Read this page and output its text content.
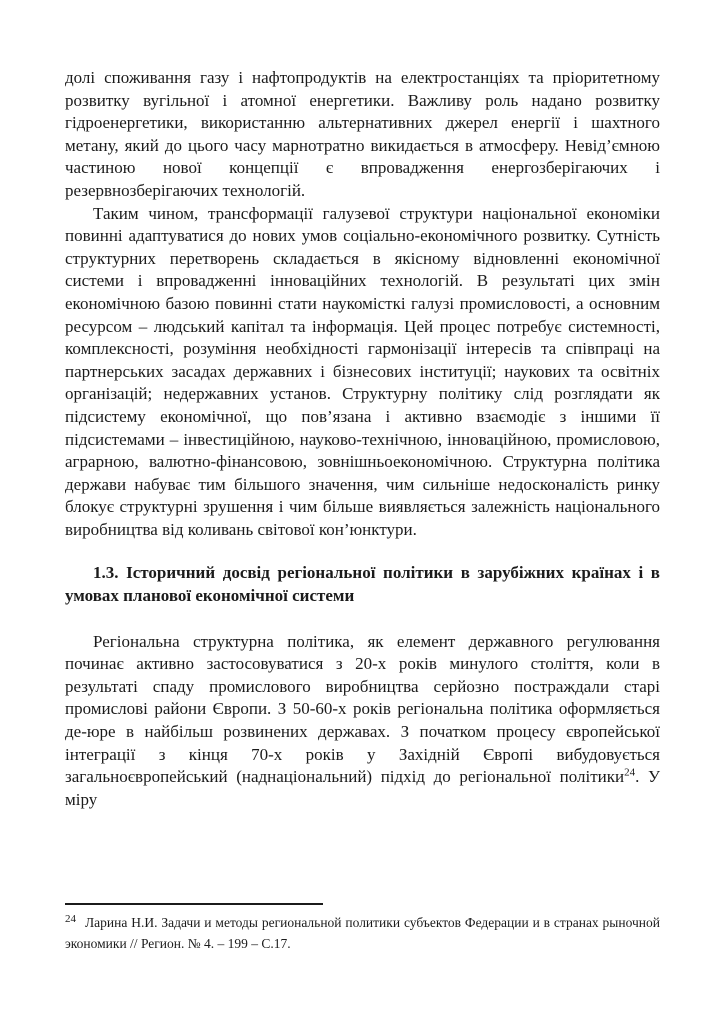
долі споживання газу і нафтопродуктів на електростанціях та пріоритетному розвитку вугільної і атомної енергетики. Важливу роль надано розвитку гідроенергетики, використанню альтернативних джерел енергії і шахтного метану, який до цього часу марнотратно викидається в атмосферу. Невід’ємною частиною нової концепції є впровадження енергозберігаючих і резервнозберігаючих технологій.

Таким чином, трансформації галузевої структури національної економіки повинні адаптуватися до нових умов соціально-економічного розвитку. Сутність структурних перетворень складається в якісному відновленні економічної системи і впровадженні інноваційних технологій. В результаті цих змін економічною базою повинні стати наукомісткі галузі промисловості, а основним ресурсом – людський капітал та інформація. Цей процес потребує системності, комплексності, розуміння необхідності гармонізації інтересів та співпраці на партнерських засадах державних і бізнесових інституції; наукових та освітніх організацій; недержавних установ. Структурну політику слід розглядати як підсистему економічної, що пов’язана і активно взаємодіє з іншими її підсистемами – інвестиційною, науково-технічною, інноваційною, промисловою, аграрною, валютно-фінансовою, зовнішньоекономічною. Структурна політика держави набуває тим більшого значення, чим сильніше недосконалість ринку блокує структурні зрушення і чим більше виявляється залежність національного виробництва від коливань світової кон’юнктури.

1.3. Історичний досвід регіональної політики в зарубіжних країнах і в умовах планової економічної системи

Регіональна структурна політика, як елемент державного регулювання починає активно застосовуватися з 20-х років минулого століття, коли в результаті спаду промислового виробництва серйозно постраждали старі промислові райони Європи. З 50-60-х років регіональна політика оформляється де-юре в найбільш розвинених державах. З початком процесу європейської інтеграції з кінця 70-х років у Західній Європі вибудовується загальноєвропейський (наднаціональний) підхід до регіональної політики$^{24}$. У міру

$^{24}$ Ларина Н.И. Задачи и методы региональной политики субъектов Федерации и в странах рыночной экономики // Регион. № 4. – 199 – С.17.
